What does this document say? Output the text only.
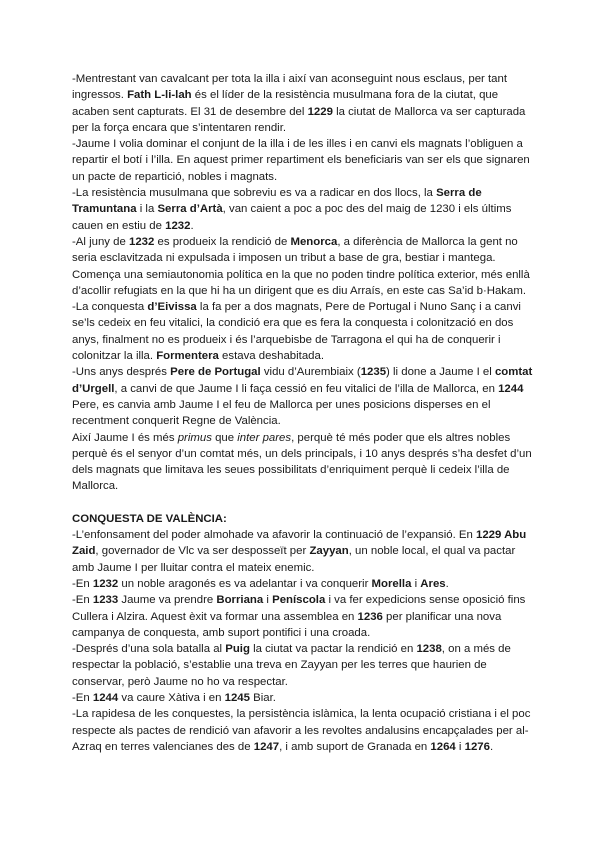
-Mentrestant van cavalcant per tota la illa i així van aconseguint nous esclaus, per tant ingressos. Fath L-li-lah és el líder de la resistència musulmana fora de la ciutat, que acaben sent capturats. El 31 de desembre del 1229 la ciutat de Mallorca va ser capturada per la força encara que s’intentaren rendir.

-Jaume I volia dominar el conjunt de la illa i de les illes i en canvi els magnats l’obliguen a repartir el botí i l’illa. En aquest primer repartiment els beneficiaris van ser els que signaren un pacte de repartició, nobles i magnats.

-La resistència musulmana que sobreviu es va a radicar en dos llocs, la Serra de Tramuntana i la Serra d’Artà, van caient a poc a poc des del maig de 1230 i els últims cauen en estiu de 1232.

-Al juny de 1232 es produeix la rendició de Menorca, a diferència de Mallorca la gent no seria esclavitzada ni expulsada i imposen un tribut a base de gra, bestiar i mantega. Comença una semiautonomia política en la que no poden tindre política exterior, més enllà d’acollir refugiats en la que hi ha un dirigent que es diu Arraís, en este cas Sa’id b·Hakam.

-La conquesta d’Eivissa la fa per a dos magnats, Pere de Portugal i Nuno Sanç i a canvi se’ls cedeix en feu vitalici, la condició era que es fera la conquesta i colonització en dos anys, finalment no es produeix i és l’arquebisbe de Tarragona el qui ha de conquerir i colonitzar la illa. Formentera estava deshabitada.

-Uns anys després Pere de Portugal vidu d’Aurembiaix (1235) li done a Jaume I el comtat d’Urgell, a canvi de que Jaume I li faça cessió en feu vitalici de l’illa de Mallorca, en 1244 Pere, es canvia amb Jaume I el feu de Mallorca per unes posicions disperses en el recentment conquerit Regne de València.

Així Jaume I és més primus que inter pares, perquè té més poder que els altres nobles perquè és el senyor d’un comtat més, un dels principals, i 10 anys després s’ha desfet d’un dels magnats que limitava les seues possibilitats d’enriquiment perquè li cedeix l’illa de Mallorca.

CONQUESTA DE VALÈNCIA:

-L’enfonsament del poder almohade va afavorir la continuació de l’expansió. En 1229 Abu Zaid, governador de Vlc va ser desposseït per Zayyan, un noble local, el qual va pactar amb Jaume I per lluitar contra el mateix enemic.

-En 1232 un noble aragonés es va adelantar i va conquerir Morella i Ares.

-En 1233 Jaume va prendre Borriana i Peníscola i va fer expedicions sense oposició fins Cullera i Alzira. Aquest èxit va formar una assemblea en 1236 per planificar una nova campanya de conquesta, amb suport pontifici i una croada.

-Després d’una sola batalla al Puig la ciutat va pactar la rendició en 1238, on a més de respectar la població, s’establie una treva en Zayyan per les terres que haurien de conservar, però Jaume no ho va respectar.

-En 1244 va caure Xàtiva i en 1245 Biar.

-La rapidesa de les conquestes, la persistència islàmica, la lenta ocupació cristiana i el poc respecte als pactes de rendició van afavorir a les revoltes andalusins encapçalades per al-Azraq en terres valencianes des de 1247, i amb suport de Granada en 1264 i 1276.
